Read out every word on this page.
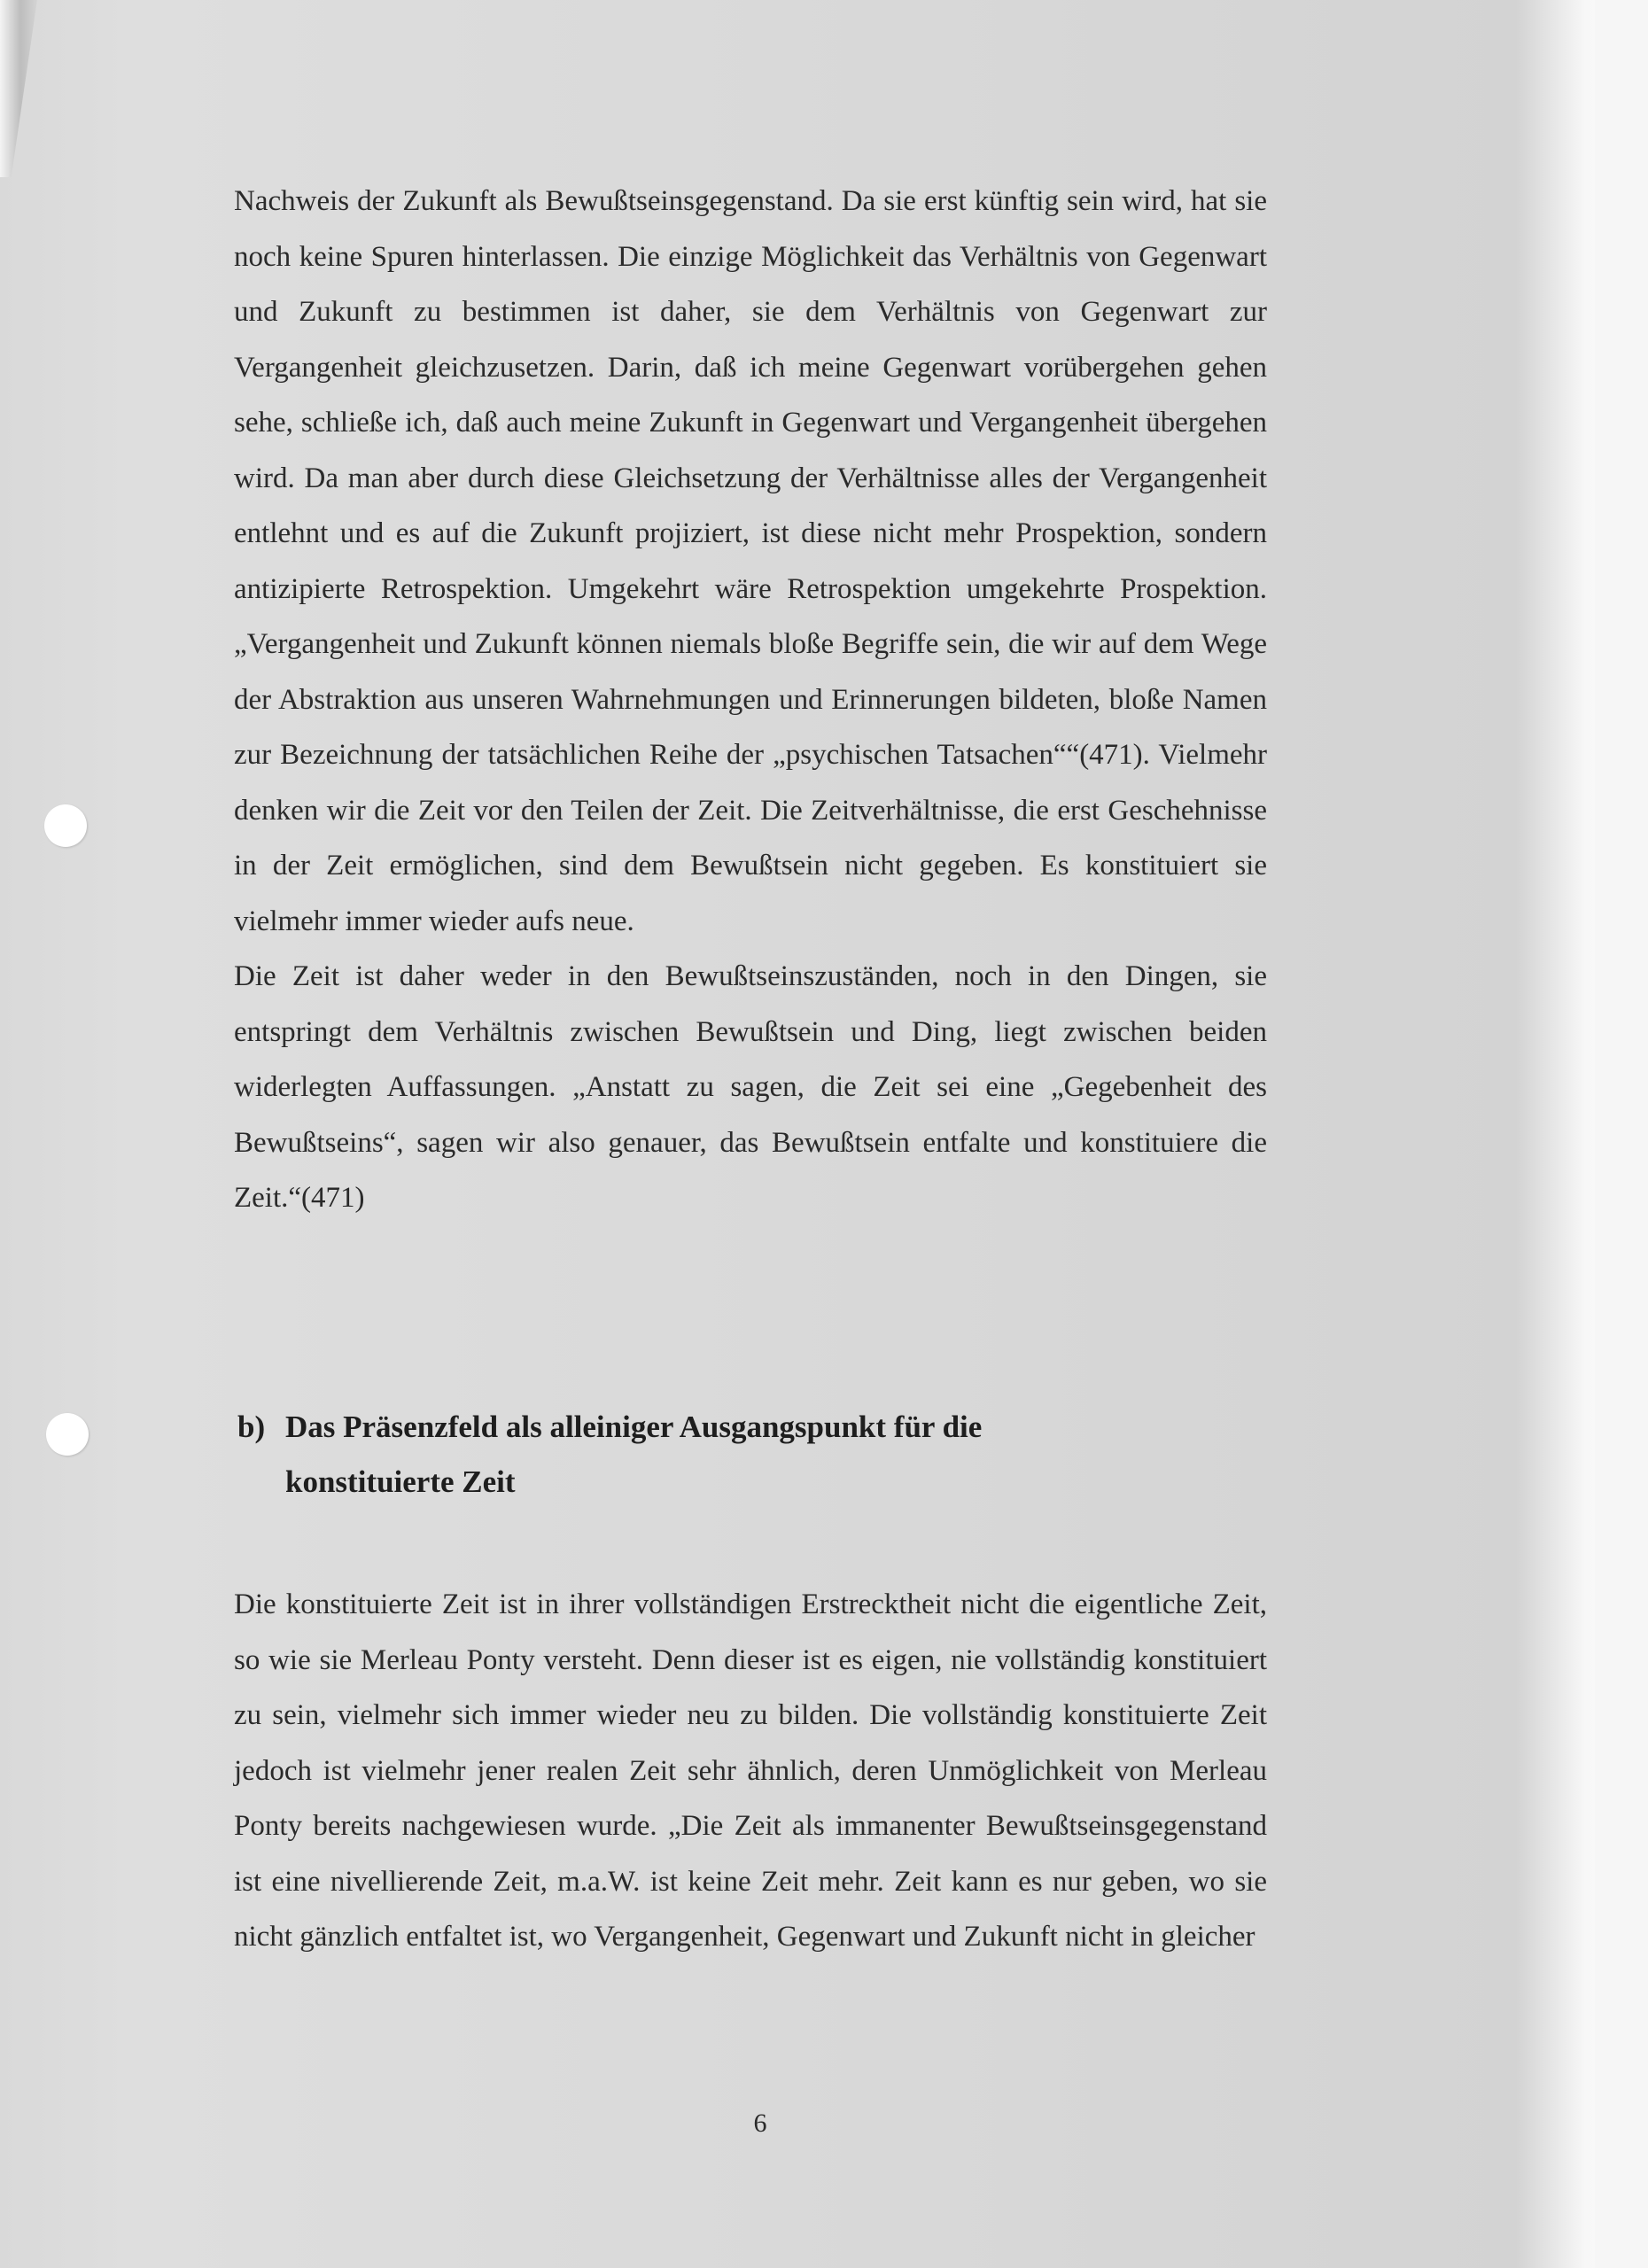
Nachweis der Zukunft als Bewußtseinsgegenstand. Da sie erst künftig sein wird, hat sie noch keine Spuren hinterlassen. Die einzige Möglichkeit das Verhältnis von Gegenwart und Zukunft zu bestimmen ist daher, sie dem Verhältnis von Gegenwart zur Vergangenheit gleichzusetzen. Darin, daß ich meine Gegenwart vorübergehen gehen sehe, schließe ich, daß auch meine Zukunft in Gegenwart und Vergangenheit übergehen wird. Da man aber durch diese Gleichsetzung der Verhältnisse alles der Vergangenheit entlehnt und es auf die Zukunft projiziert, ist diese nicht mehr Prospektion, sondern antizipierte Retrospektion. Umgekehrt wäre Retrospektion umgekehrte Prospektion. „Vergangenheit und Zukunft können niemals bloße Begriffe sein, die wir auf dem Wege der Abstraktion aus unseren Wahrnehmungen und Erinnerungen bildeten, bloße Namen zur Bezeichnung der tatsächlichen Reihe der „psychischen Tatsachen““(471). Vielmehr denken wir die Zeit vor den Teilen der Zeit. Die Zeitverhältnisse, die erst Geschehnisse in der Zeit ermöglichen, sind dem Bewußtsein nicht gegeben. Es konstituiert sie vielmehr immer wieder aufs neue.

Die Zeit ist daher weder in den Bewußtseinszuständen, noch in den Dingen, sie entspringt dem Verhältnis zwischen Bewußtsein und Ding, liegt zwischen beiden widerlegten Auffassungen. „Anstatt zu sagen, die Zeit sei eine „Gegebenheit des Bewußtseins“, sagen wir also genauer, das Bewußtsein entfalte und konstituiere die Zeit.“(471)

b) Das Präsenzfeld als alleiniger Ausgangspunkt für die
konstituierte Zeit

Die konstituierte Zeit ist in ihrer vollständigen Erstrecktheit nicht die eigentliche Zeit, so wie sie Merleau Ponty versteht. Denn dieser ist es eigen, nie vollständig konstituiert zu sein, vielmehr sich immer wieder neu zu bilden. Die vollständig konstituierte Zeit jedoch ist vielmehr jener realen Zeit sehr ähnlich, deren Unmöglichkeit von Merleau Ponty bereits nachgewiesen wurde. „Die Zeit als immanenter Bewußtseinsgegenstand ist eine nivellierende Zeit, m.a.W. ist keine Zeit mehr. Zeit kann es nur geben, wo sie nicht gänzlich entfaltet ist, wo Vergangenheit, Gegenwart und Zukunft nicht in gleicher

6
